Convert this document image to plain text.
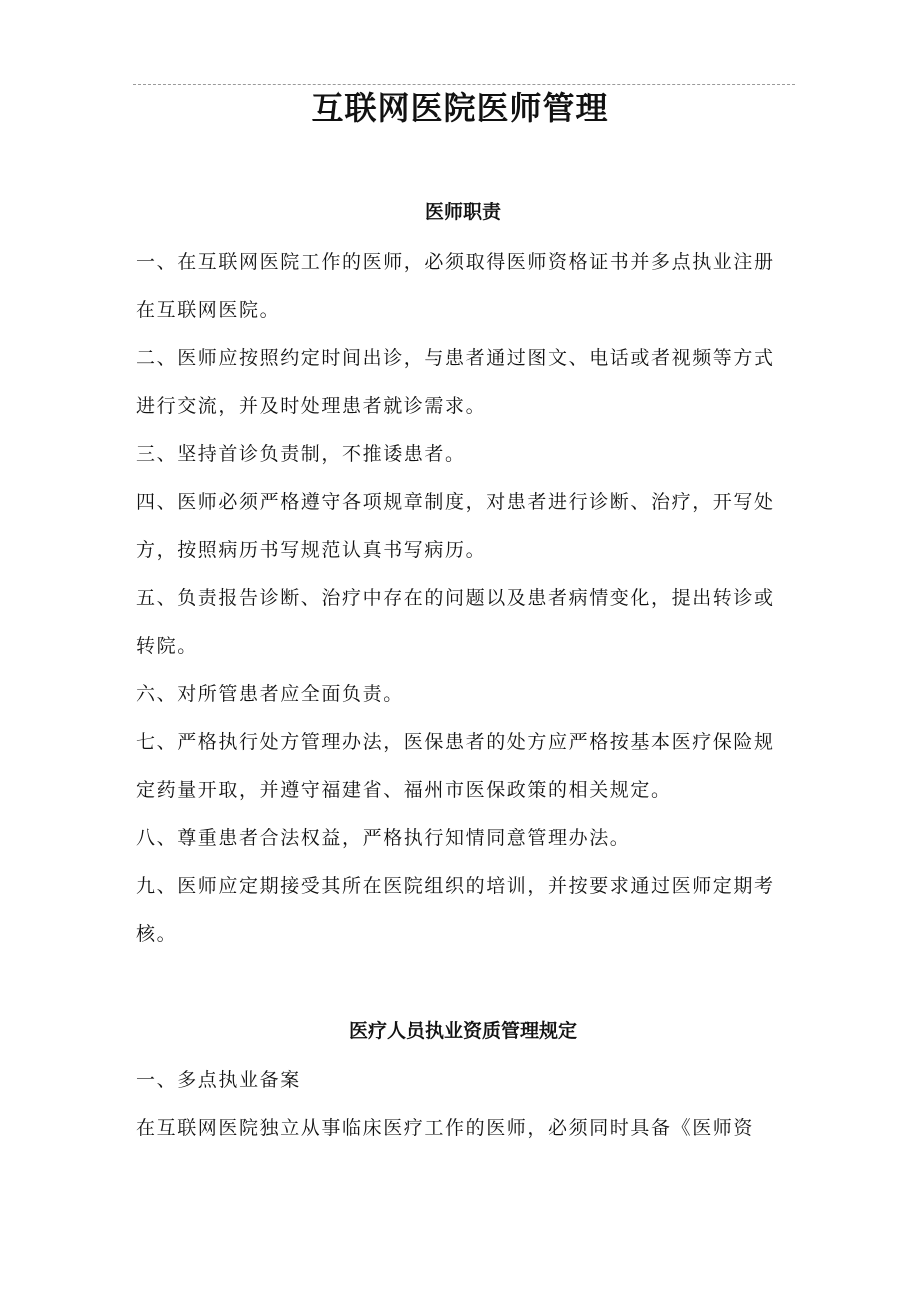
互联网医院医师管理
医师职责

一、在互联网医院工作的医师，必须取得医师资格证书并多点执业注册在互联网医院。

二、医师应按照约定时间出诊，与患者通过图文、电话或者视频等方式进行交流，并及时处理患者就诊需求。

三、坚持首诊负责制，不推诿患者。

四、医师必须严格遵守各项规章制度，对患者进行诊断、治疗，开写处方，按照病历书写规范认真书写病历。

五、负责报告诊断、治疗中存在的问题以及患者病情变化，提出转诊或转院。

六、对所管患者应全面负责。

七、严格执行处方管理办法，医保患者的处方应严格按基本医疗保险规定药量开取，并遵守福建省、福州市医保政策的相关规定。

八、尊重患者合法权益，严格执行知情同意管理办法。

九、医师应定期接受其所在医院组织的培训，并按要求通过医师定期考核。

医疗人员执业资质管理规定

一、多点执业备案

在互联网医院独立从事临床医疗工作的医师，必须同时具备《医师资
